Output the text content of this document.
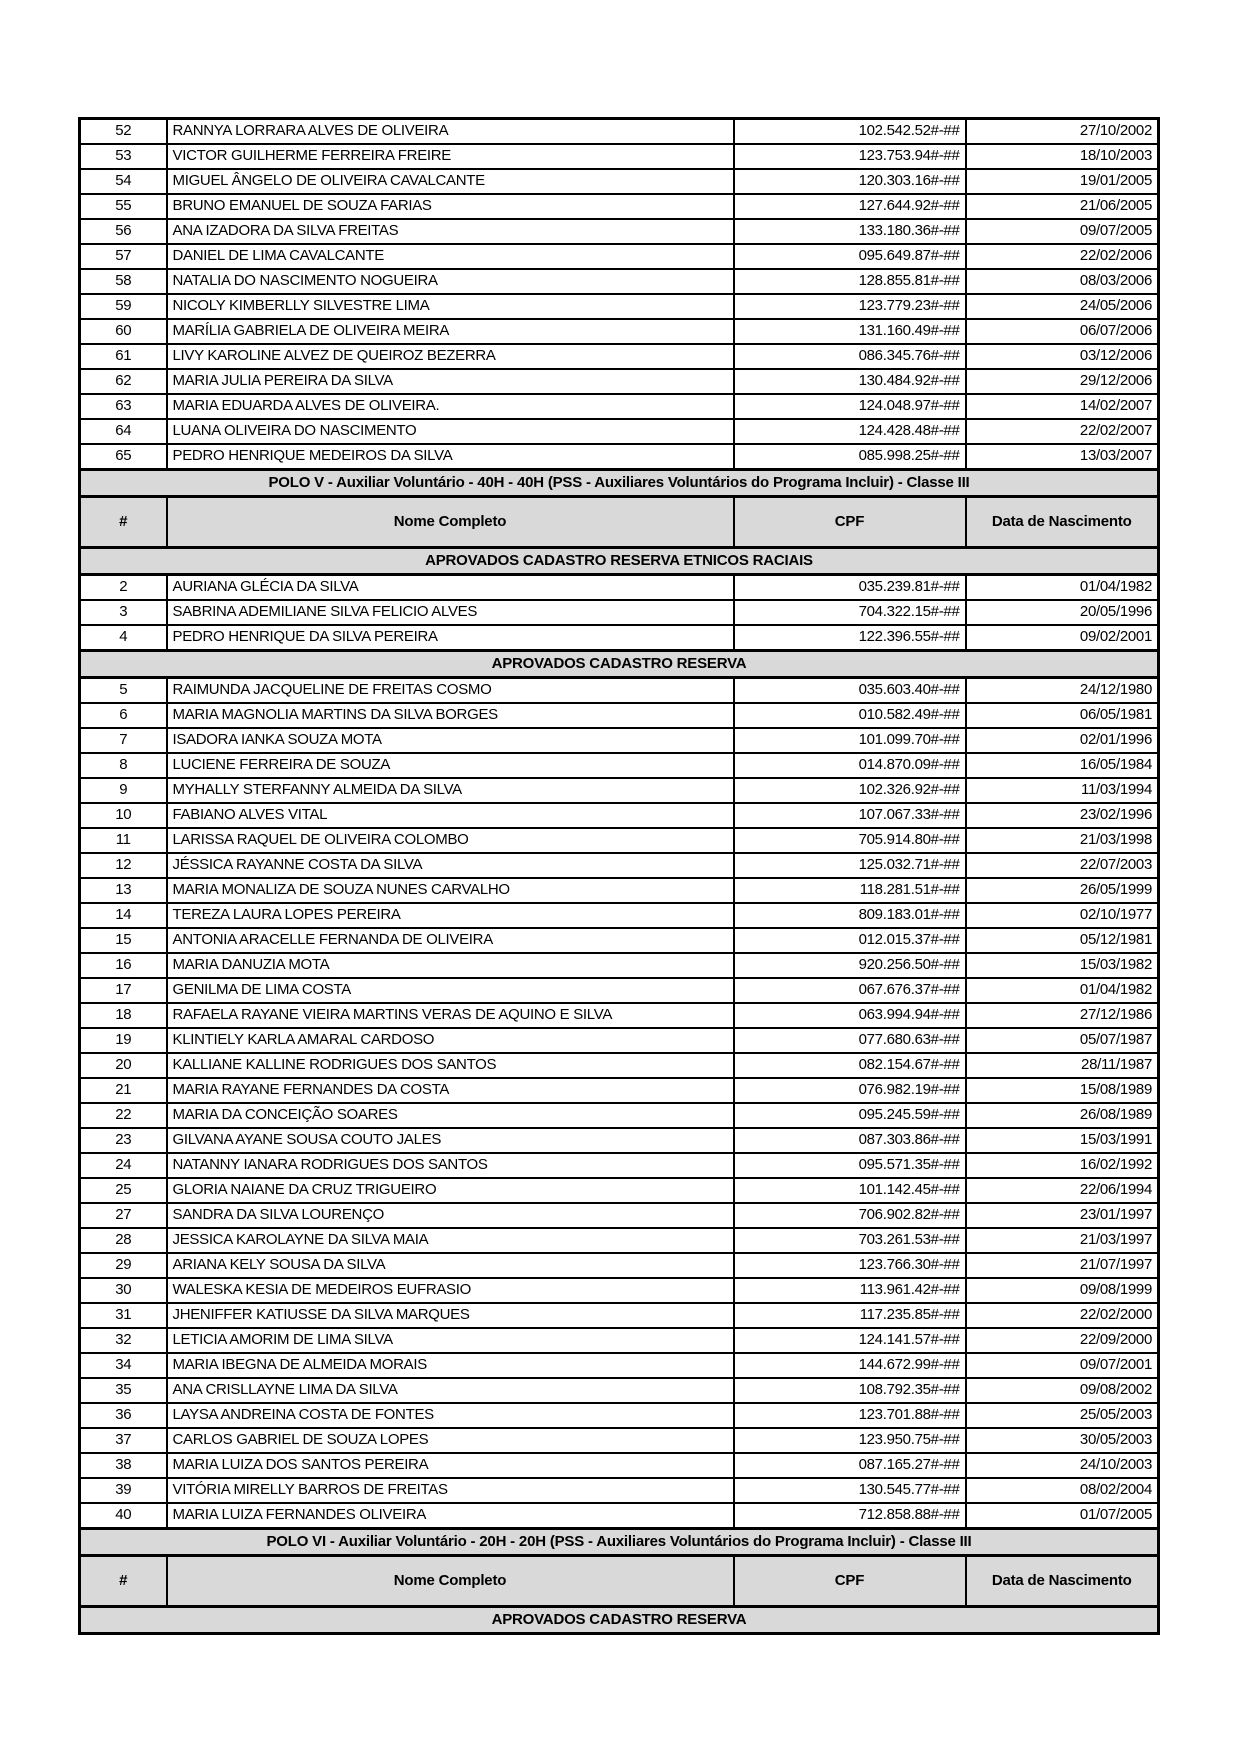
52	RANNYA LORRARA ALVES DE OLIVEIRA	102.542.52#-##	27/10/2002
53	VICTOR GUILHERME FERREIRA FREIRE	123.753.94#-##	18/10/2003
54	MIGUEL ÂNGELO DE OLIVEIRA CAVALCANTE	120.303.16#-##	19/01/2005
55	BRUNO EMANUEL DE SOUZA FARIAS	127.644.92#-##	21/06/2005
56	ANA IZADORA DA SILVA FREITAS	133.180.36#-##	09/07/2005
57	DANIEL DE LIMA CAVALCANTE	095.649.87#-##	22/02/2006
58	NATALIA DO NASCIMENTO NOGUEIRA	128.855.81#-##	08/03/2006
59	NICOLY KIMBERLLY SILVESTRE LIMA	123.779.23#-##	24/05/2006
60	MARÍLIA GABRIELA DE OLIVEIRA MEIRA	131.160.49#-##	06/07/2006
61	LIVY KAROLINE ALVEZ DE QUEIROZ BEZERRA	086.345.76#-##	03/12/2006
62	MARIA JULIA PEREIRA DA SILVA	130.484.92#-##	29/12/2006
63	MARIA EDUARDA ALVES DE OLIVEIRA.	124.048.97#-##	14/02/2007
64	LUANA OLIVEIRA DO NASCIMENTO	124.428.48#-##	22/02/2007
65	PEDRO HENRIQUE MEDEIROS DA SILVA	085.998.25#-##	13/03/2007
POLO V - Auxiliar Voluntário - 40H - 40H (PSS - Auxiliares Voluntários do Programa Incluir) - Classe III			
#	Nome Completo	CPF	Data de Nascimento
APROVADOS CADASTRO RESERVA ETNICOS RACIAIS			
2	AURIANA GLÉCIA DA SILVA	035.239.81#-##	01/04/1982
3	SABRINA ADEMILIANE SILVA FELICIO ALVES	704.322.15#-##	20/05/1996
4	PEDRO HENRIQUE DA SILVA PEREIRA	122.396.55#-##	09/02/2001
APROVADOS CADASTRO RESERVA			
5	RAIMUNDA JACQUELINE DE FREITAS COSMO	035.603.40#-##	24/12/1980
6	MARIA MAGNOLIA MARTINS DA SILVA BORGES	010.582.49#-##	06/05/1981
7	ISADORA IANKA SOUZA MOTA	101.099.70#-##	02/01/1996
8	LUCIENE FERREIRA DE SOUZA	014.870.09#-##	16/05/1984
9	MYHALLY STERFANNY ALMEIDA DA SILVA	102.326.92#-##	11/03/1994
10	FABIANO ALVES VITAL	107.067.33#-##	23/02/1996
11	LARISSA RAQUEL DE OLIVEIRA COLOMBO	705.914.80#-##	21/03/1998
12	JÉSSICA RAYANNE COSTA DA SILVA	125.032.71#-##	22/07/2003
13	MARIA MONALIZA DE SOUZA NUNES CARVALHO	118.281.51#-##	26/05/1999
14	TEREZA LAURA LOPES PEREIRA	809.183.01#-##	02/10/1977
15	ANTONIA ARACELLE FERNANDA DE OLIVEIRA	012.015.37#-##	05/12/1981
16	MARIA DANUZIA MOTA	920.256.50#-##	15/03/1982
17	GENILMA DE LIMA COSTA	067.676.37#-##	01/04/1982
18	RAFAELA RAYANE VIEIRA MARTINS VERAS DE AQUINO E SILVA	063.994.94#-##	27/12/1986
19	KLINTIELY KARLA AMARAL CARDOSO	077.680.63#-##	05/07/1987
20	KALLIANE KALLINE RODRIGUES DOS SANTOS	082.154.67#-##	28/11/1987
21	MARIA RAYANE FERNANDES DA COSTA	076.982.19#-##	15/08/1989
22	MARIA DA CONCEIÇÃO SOARES	095.245.59#-##	26/08/1989
23	GILVANA AYANE SOUSA COUTO JALES	087.303.86#-##	15/03/1991
24	NATANNY IANARA RODRIGUES DOS SANTOS	095.571.35#-##	16/02/1992
25	GLORIA NAIANE DA CRUZ TRIGUEIRO	101.142.45#-##	22/06/1994
27	SANDRA DA SILVA LOURENÇO	706.902.82#-##	23/01/1997
28	JESSICA KAROLAYNE DA SILVA MAIA	703.261.53#-##	21/03/1997
29	ARIANA KELY SOUSA DA SILVA	123.766.30#-##	21/07/1997
30	WALESKA KESIA DE MEDEIROS EUFRASIO	113.961.42#-##	09/08/1999
31	JHENIFFER KATIUSSE DA SILVA MARQUES	117.235.85#-##	22/02/2000
32	LETICIA AMORIM DE LIMA SILVA	124.141.57#-##	22/09/2000
34	MARIA IBEGNA DE ALMEIDA MORAIS	144.672.99#-##	09/07/2001
35	ANA CRISLLAYNE LIMA DA SILVA	108.792.35#-##	09/08/2002
36	LAYSA ANDREINA COSTA DE FONTES	123.701.88#-##	25/05/2003
37	CARLOS GABRIEL DE SOUZA LOPES	123.950.75#-##	30/05/2003
38	MARIA LUIZA DOS SANTOS PEREIRA	087.165.27#-##	24/10/2003
39	VITÓRIA MIRELLY BARROS DE FREITAS	130.545.77#-##	08/02/2004
40	MARIA LUIZA FERNANDES OLIVEIRA	712.858.88#-##	01/07/2005
POLO VI - Auxiliar Voluntário - 20H - 20H (PSS - Auxiliares Voluntários do Programa Incluir) - Classe III			
#	Nome Completo	CPF	Data de Nascimento
APROVADOS CADASTRO RESERVA			
